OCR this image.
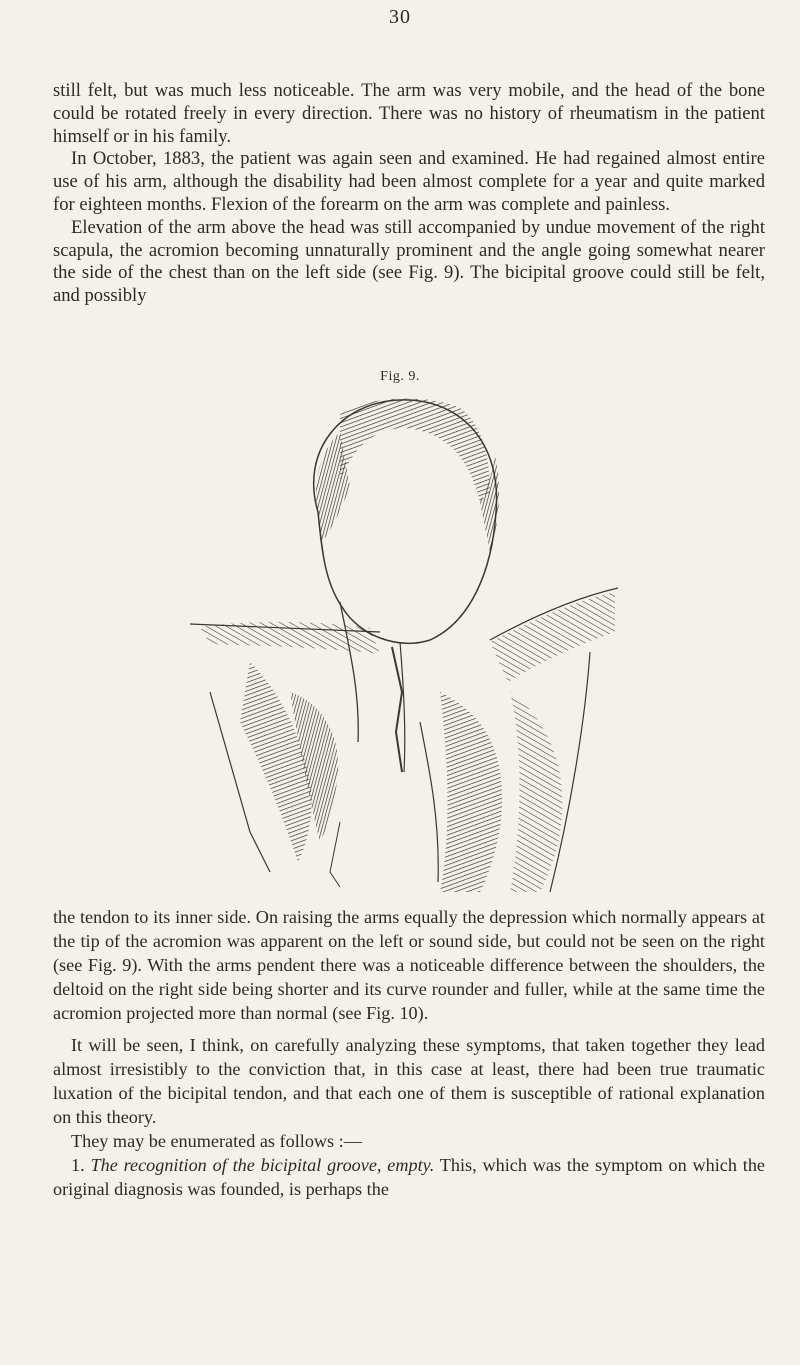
30

still felt, but was much less noticeable. The arm was very mobile, and the head of the bone could be rotated freely in every direction. There was no history of rheumatism in the patient himself or in his family.

In October, 1883, the patient was again seen and examined. He had regained almost entire use of his arm, although the disability had been almost complete for a year and quite marked for eighteen months. Flexion of the forearm on the arm was complete and painless.

Elevation of the arm above the head was still accompanied by undue movement of the right scapula, the acromion becoming unnaturally prominent and the angle going somewhat nearer the side of the chest than on the left side (see Fig. 9). The bicipital groove could still be felt, and possibly

Fig. 9.

the tendon to its inner side. On raising the arms equally the depression which normally appears at the tip of the acromion was apparent on the left or sound side, but could not be seen on the right (see Fig. 9). With the arms pendent there was a noticeable difference between the shoulders, the deltoid on the right side being shorter and its curve rounder and fuller, while at the same time the acromion projected more than normal (see Fig. 10).

It will be seen, I think, on carefully analyzing these symptoms, that taken together they lead almost irresistibly to the conviction that, in this case at least, there had been true traumatic luxation of the bicipital tendon, and that each one of them is susceptible of rational explanation on this theory.

They may be enumerated as follows :—

1. The recognition of the bicipital groove, empty. This, which was the symptom on which the original diagnosis was founded, is perhaps the
